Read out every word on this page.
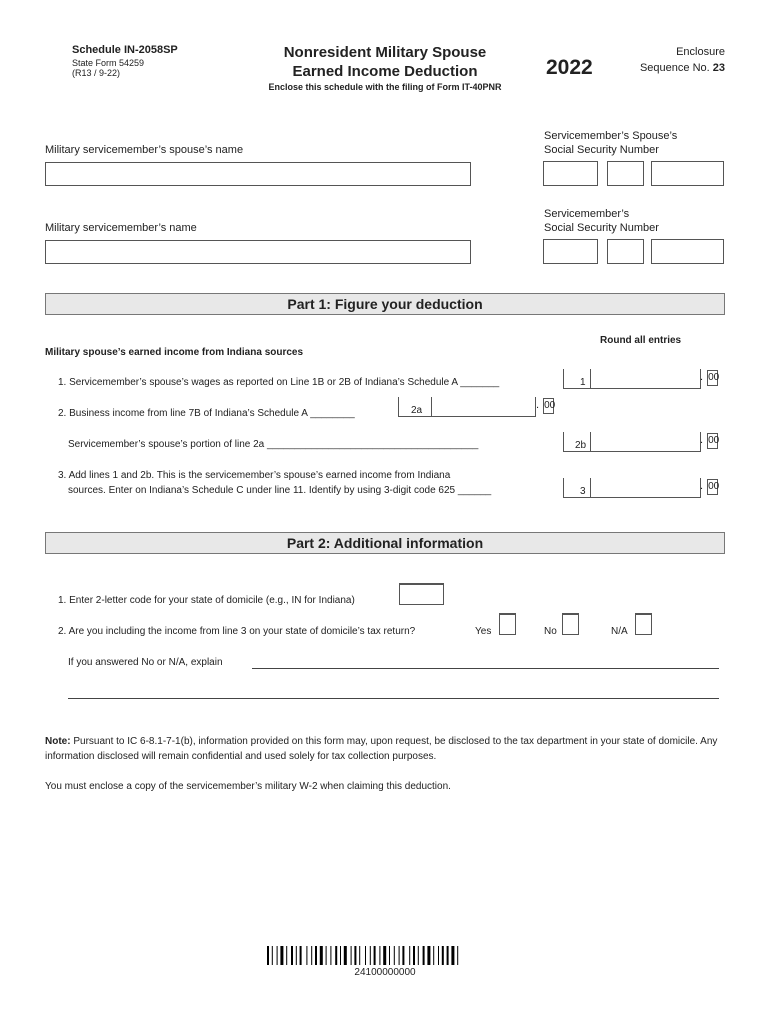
Schedule IN-2058SP
State Form 54259
(R13 / 9-22)
Nonresident Military Spouse
Earned Income Deduction
Enclose this schedule with the filing of Form IT-40PNR
2022
Enclosure
Sequence No. 23
Military servicemember’s spouse’s name
Servicemember’s Spouse’s
Social Security Number
Military servicemember’s name
Servicemember’s
Social Security Number
Part 1: Figure your deduction
Round all entries
Military spouse’s earned income from Indiana sources
1. Servicemember’s spouse’s wages as reported on Line 1B or 2B of Indiana’s Schedule A _______	1	. 00
2. Business income from line 7B of Indiana’s Schedule A ________	2a	. 00
Servicemember’s spouse’s portion of line 2a ______________________________________	2b	. 00
3. Add lines 1 and 2b. This is the servicemember’s spouse’s earned income from Indiana
sources. Enter on Indiana’s Schedule C under line 11. Identify by using 3-digit code 625 ______	3	. 00
Part 2: Additional information
1. Enter 2-letter code for your state of domicile (e.g., IN for Indiana)
2. Are you including the income from line 3 on your state of domicile’s tax return?	Yes	No	N/A
If you answered No or N/A, explain
Note: Pursuant to IC 6-8.1-7-1(b), information provided on this form may, upon request, be disclosed to the tax department in your state of domicile. Any information disclosed will remain confidential and used solely for tax collection purposes.
You must enclose a copy of the servicemember’s military W-2 when claiming this deduction.
24100000000
